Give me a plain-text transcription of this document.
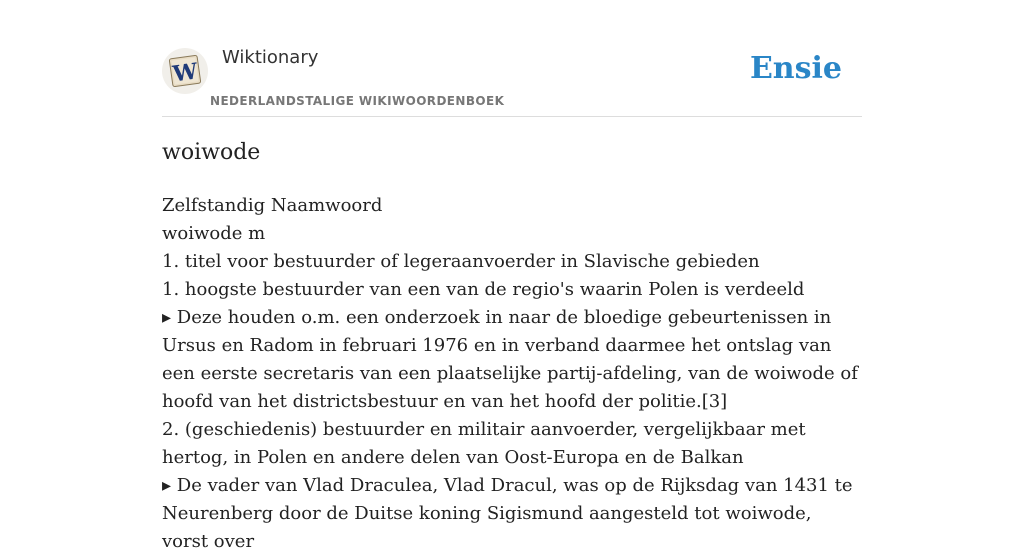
W
Wiktionary
NEDERLANDSTALIGE WIKIWOORDENBOEK
Ensie
woiwode

Zelfstandig Naamwoord

woiwode m

1. titel voor bestuurder of legeraanvoerder in Slavische gebieden

1. hoogste bestuurder van een van de regio's waarin Polen is verdeeld

▸ Deze houden o.m. een onderzoek in naar de bloedige gebeurtenissen in Ursus en Radom in februari 1976 en in verband daarmee het ontslag van een eerste secretaris van een plaatselijke partij-afdeling, van de woiwode of hoofd van het districtsbestuur en van het hoofd der politie.[3]

2. (geschiedenis) bestuurder en militair aanvoerder, vergelijkbaar met hertog, in Polen en andere delen van Oost-Europa en de Balkan

▸ De vader van Vlad Draculea, Vlad Dracul, was op de Rijksdag van 1431 te Neurenberg door de Duitse koning Sigismund aangesteld tot woiwode, vorst over
